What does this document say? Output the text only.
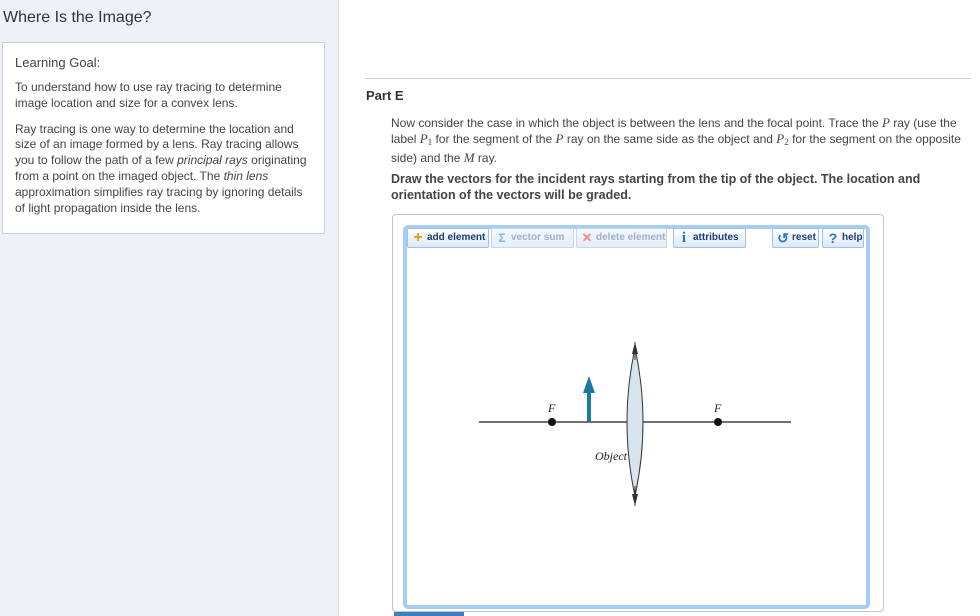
Where Is the Image?
Learning Goal:

To understand how to use ray tracing to determine image location and size for a convex lens.

Ray tracing is one way to determine the location and size of an image formed by a lens. Ray tracing allows you to follow the path of a few principal rays originating from a point on the imaged object. The thin lens approximation simplifies ray tracing by ignoring details of light propagation inside the lens.

Part E
Now consider the case in which the object is between the lens and the focal point. Trace the P ray (use the label $P_1$ for the segment of the P ray on the same side as the object and $P_2$ for the segment on the opposite side) and the M ray.
Draw the vectors for the incident rays starting from the tip of the object. The location and orientation of the vectors will be graded.
+ add element	Σ vector sum	✕ delete element	i attributes	↺ reset ? help
F	F
Object
